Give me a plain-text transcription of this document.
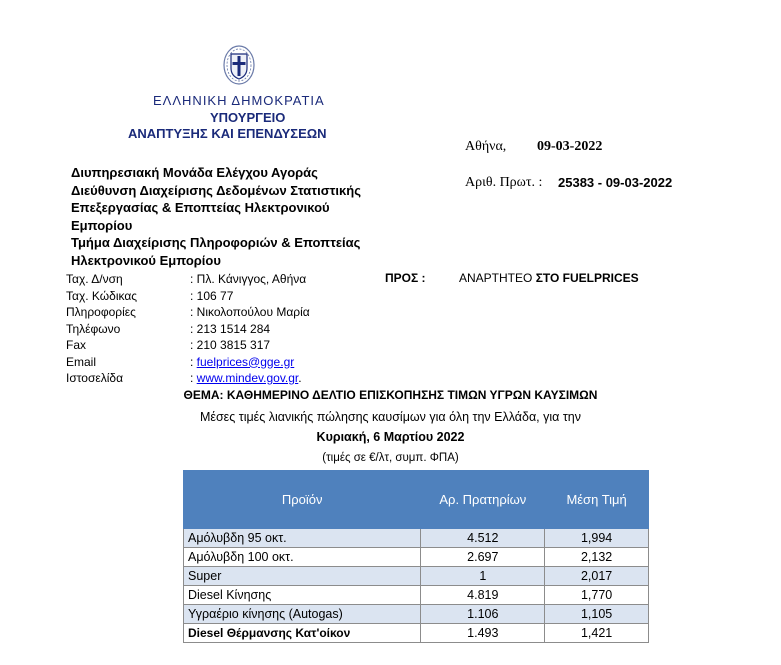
ΕΛΛΗΝΙΚΗ ΔΗΜΟΚΡΑΤΙΑ
ΥΠΟΥΡΓΕΙΟ
ΑΝΑΠΤΥΞΗΣ ΚΑΙ ΕΠΕΝΔΥΣΕΩΝ
Αθήνα, 09-03-2022
Αριθ. Πρωτ. : 25383 - 09-03-2022
Διυπηρεσιακή Μονάδα Ελέγχου Αγοράς
Διεύθυνση Διαχείρισης Δεδομένων Στατιστικής
Επεξεργασίας & Εποπτείας Ηλεκτρονικού
Εμπορίου
Τμήμα Διαχείρισης Πληροφοριών & Εποπτείας
Ηλεκτρονικού Εμπορίου
Ταχ. Δ/νση	: Πλ. Κάνιγγος, Αθήνα
Ταχ. Κώδικας	: 106 77
Πληροφορίες	: Νικολοπούλου Μαρία
Τηλέφωνο	: 213 1514 284
Fax	: 210 3815 317
Email	: fuelprices@gge.gr
Ιστοσελίδα	: www.mindev.gov.gr.
ΠΡΟΣ :	ΑΝΑΡΤΗΤΕΟ ΣΤΟ FUELPRICES
ΘΕΜΑ: ΚΑΘΗΜΕΡΙΝΟ ΔΕΛΤΙΟ ΕΠΙΣΚΟΠΗΣΗΣ ΤΙΜΩΝ ΥΓΡΩΝ ΚΑΥΣΙΜΩΝ
Μέσες τιμές λιανικής πώλησης καυσίμων για όλη την Ελλάδα, για την
Κυριακή, 6 Μαρτίου 2022
(τιμές σε €/λτ, συμπ. ΦΠΑ)
Προϊόν	Αρ. Πρατηρίων	Μέση Τιμή
Αμόλυβδη 95 οκτ.	4.512	1,994
Αμόλυβδη 100 οκτ.	2.697	2,132
Super	1	2,017
Diesel Κίνησης	4.819	1,770
Υγραέριο κίνησης (Autogas)	1.106	1,105
Diesel Θέρμανσης Κατ'οίκον	1.493	1,421
